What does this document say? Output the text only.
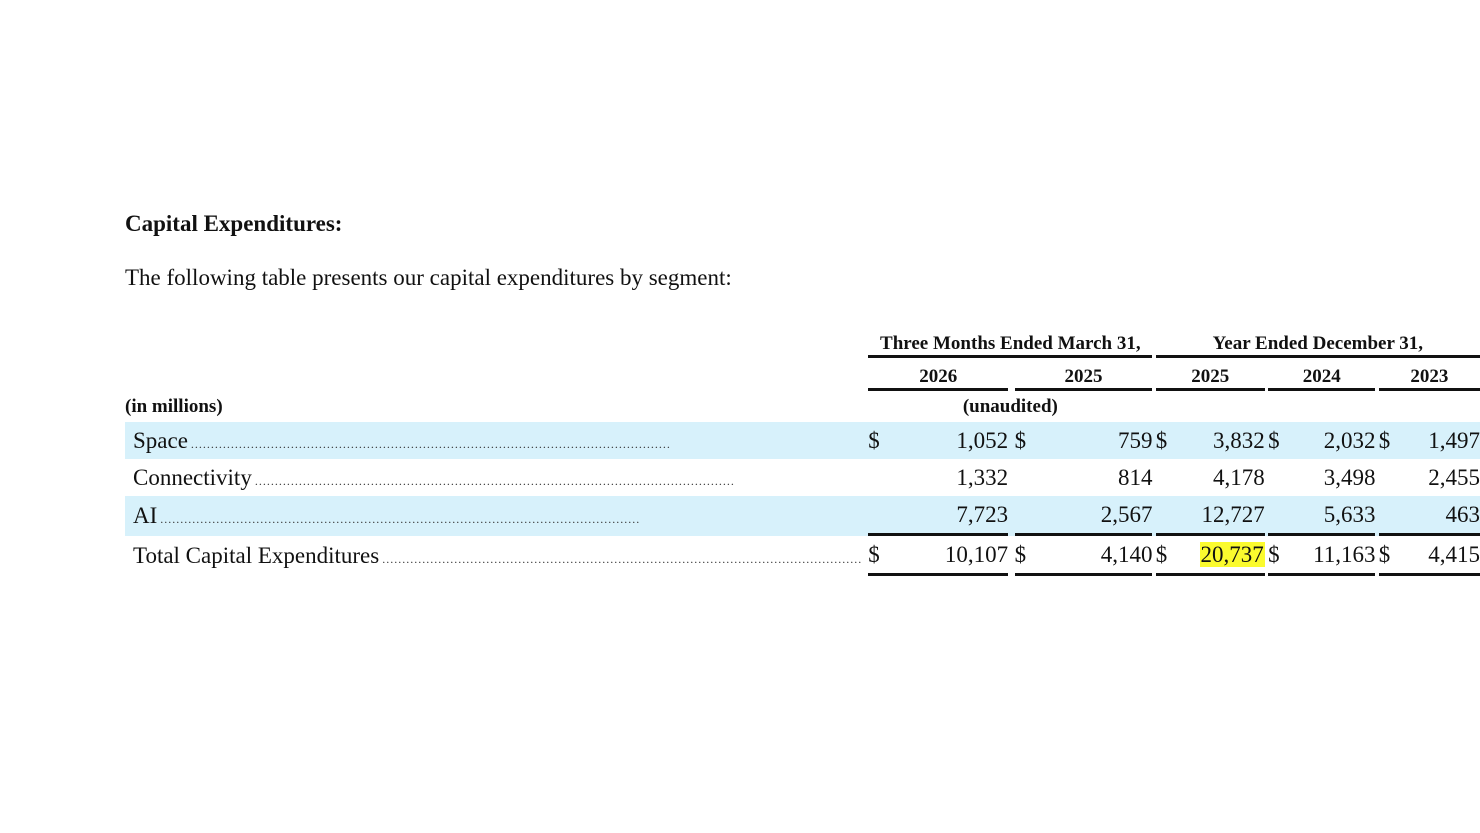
Capital Expenditures:

The following table presents our capital expenditures by segment:

	Three Months Ended March 31,						Year Ended December 31,							
	2026			2025			2025			2024			2023	
(in millions)	(unaudited)													

Space ........................................................................................................................	$	1,052		$	759		$	3,832		$	2,032		$	1,497

Connectivity ........................................................................................................................		1,332			814			4,178			3,498			2,455

AI ........................................................................................................................		7,723			2,567			12,727			5,633			463

Total Capital Expenditures ........................................................................................................................	$	10,107		$	4,140		$	20,737		$	11,163		$	4,415
